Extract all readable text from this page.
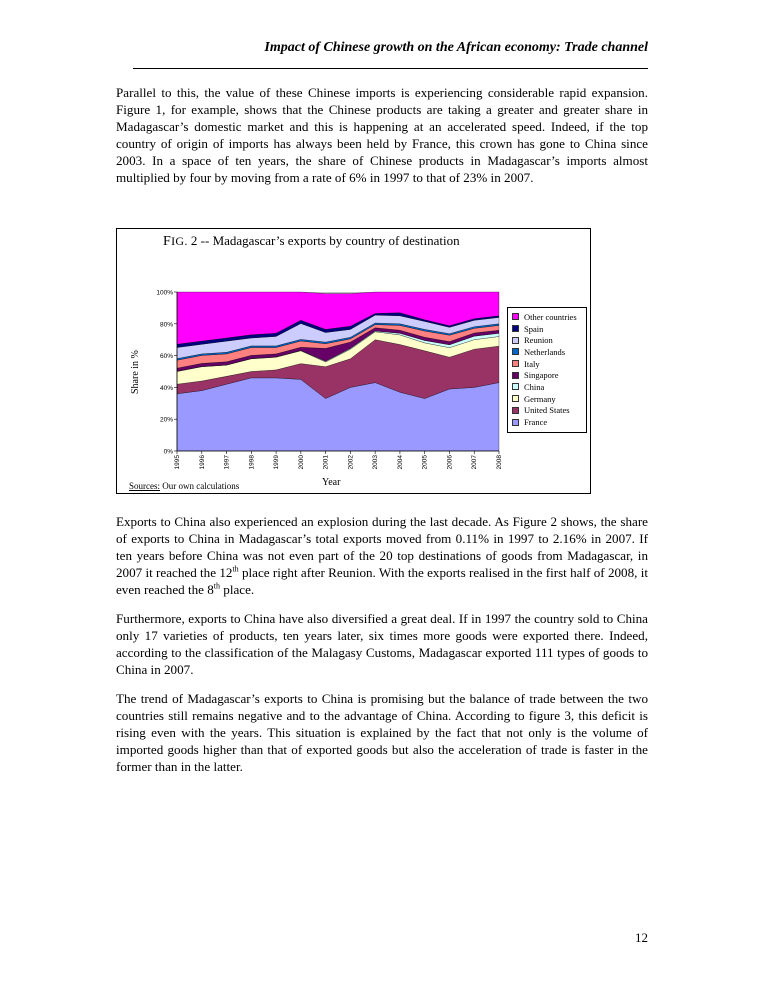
Impact of Chinese growth on the African economy: Trade channel

Parallel to this, the value of these Chinese imports is experiencing considerable rapid expansion. Figure 1, for example, shows that the Chinese products are taking a greater and greater share in Madagascar’s domestic market and this is happening at an accelerated speed. Indeed, if the top country of origin of imports has always been held by France, this crown has gone to China since 2003. In a space of ten years, the share of Chinese products in Madagascar’s imports almost multiplied by four by moving from a rate of 6% in 1997 to that of 23% in 2007.

0%
20%
40%
60%
80%
100%
1995	1996	1997	1998	1999	2000	2001	2002	2003	2004	2005	2006	2007	2008
FIG. 2 -- Madagascar’s exports by country of destination
Share in %
Year
Sources: Our own calculations
Other countries
Spain
Reunion
Netherlands
Italy
Singapore
China
Germany
United States
France

Exports to China also experienced an explosion during the last decade. As Figure 2 shows, the share of exports to China in Madagascar’s total exports moved from 0.11% in 1997 to 2.16% in 2007. If ten years before China was not even part of the 20 top destinations of goods from Madagascar, in 2007 it reached the 12th place right after Reunion. With the exports realised in the first half of 2008, it even reached the 8th place.

Furthermore, exports to China have also diversified a great deal. If in 1997 the country sold to China only 17 varieties of products, ten years later, six times more goods were exported there. Indeed, according to the classification of the Malagasy Customs, Madagascar exported 111 types of goods to China in 2007.

The trend of Madagascar’s exports to China is promising but the balance of trade between the two countries still remains negative and to the advantage of China. According to figure 3, this deficit is rising even with the years. This situation is explained by the fact that not only is the volume of imported goods higher than that of exported goods but also the acceleration of trade is faster in the former than in the latter.

12
